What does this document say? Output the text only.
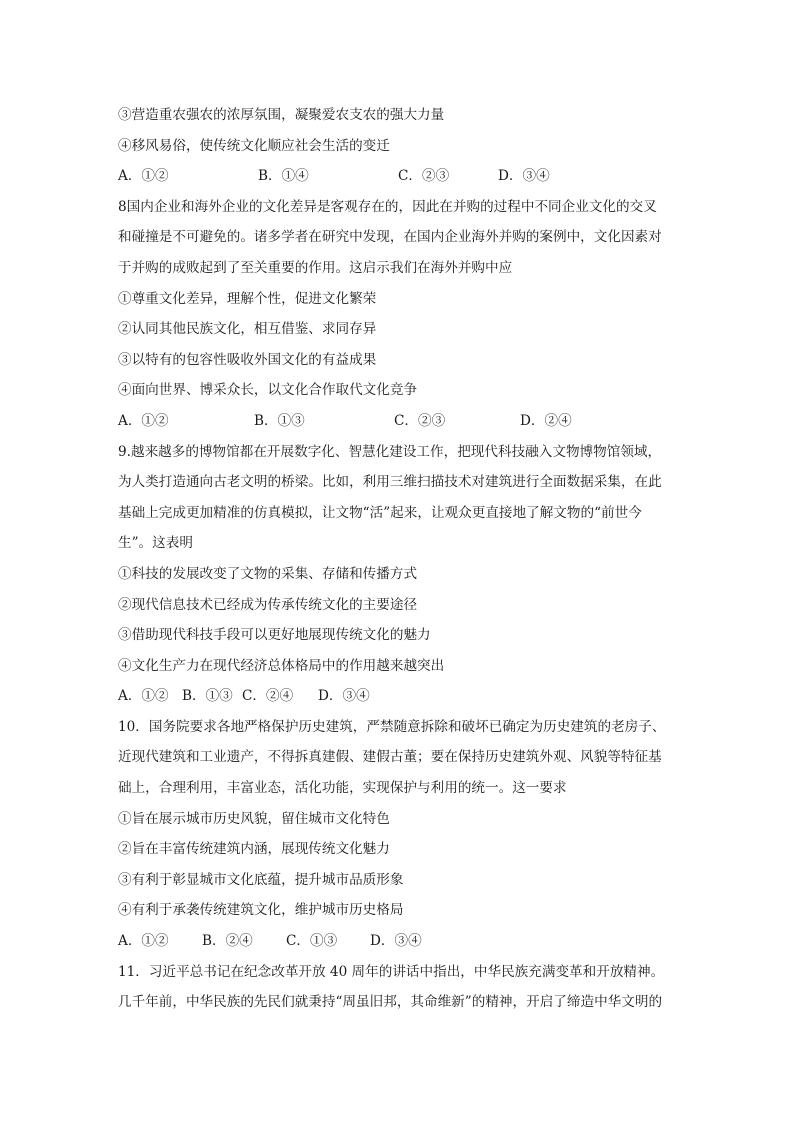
③营造重农强农的浓厚氛围，凝聚爱农支农的强大力量
④移风易俗，使传统文化顺应社会生活的变迁
A．①②	B．①④	C．②③	D．③④
8国内企业和海外企业的文化差异是客观存在的，因此在并购的过程中不同企业文化的交叉
和碰撞是不可避免的。诸多学者在研究中发现，在国内企业海外并购的案例中，文化因素对
于并购的成败起到了至关重要的作用。这启示我们在海外并购中应
①尊重文化差异，理解个性，促进文化繁荣
②认同其他民族文化，相互借鉴、求同存异
③以特有的包容性吸收外国文化的有益成果
④面向世界、博采众长，以文化合作取代文化竞争
A．①②	B．①③	C．②③	D．②④
9.越来越多的博物馆都在开展数字化、智慧化建设工作，把现代科技融入文物博物馆领域，
为人类打造通向古老文明的桥梁。比如，利用三维扫描技术对建筑进行全面数据采集，在此
基础上完成更加精准的仿真模拟，让文物“活”起来，让观众更直接地了解文物的“前世今
生”。这表明
①科技的发展改变了文物的采集、存储和传播方式
②现代信息技术已经成为传承传统文化的主要途径
③借助现代科技手段可以更好地展现传统文化的魅力
④文化生产力在现代经济总体格局中的作用越来越突出
A．①② B．①③ C．②④	D．③④
10．国务院要求各地严格保护历史建筑，严禁随意拆除和破坏已确定为历史建筑的老房子、
近现代建筑和工业遗产，不得拆真建假、建假古董；要在保持历史建筑外观、风貌等特征基
础上，合理利用，丰富业态，活化功能，实现保护与利用的统一。这一要求
①旨在展示城市历史风貌，留住城市文化特色
②旨在丰富传统建筑内涵，展现传统文化魅力
③有利于彰显城市文化底蕴，提升城市品质形象
④有利于承袭传统建筑文化，维护城市历史格局
A．①②	B．②④	C．①③	D．③④
11．习近平总书记在纪念改革开放 40 周年的讲话中指出，中华民族充满变革和开放精神。
几千年前，中华民族的先民们就秉持“周虽旧邦，其命维新”的精神，开启了缔造中华文明的
